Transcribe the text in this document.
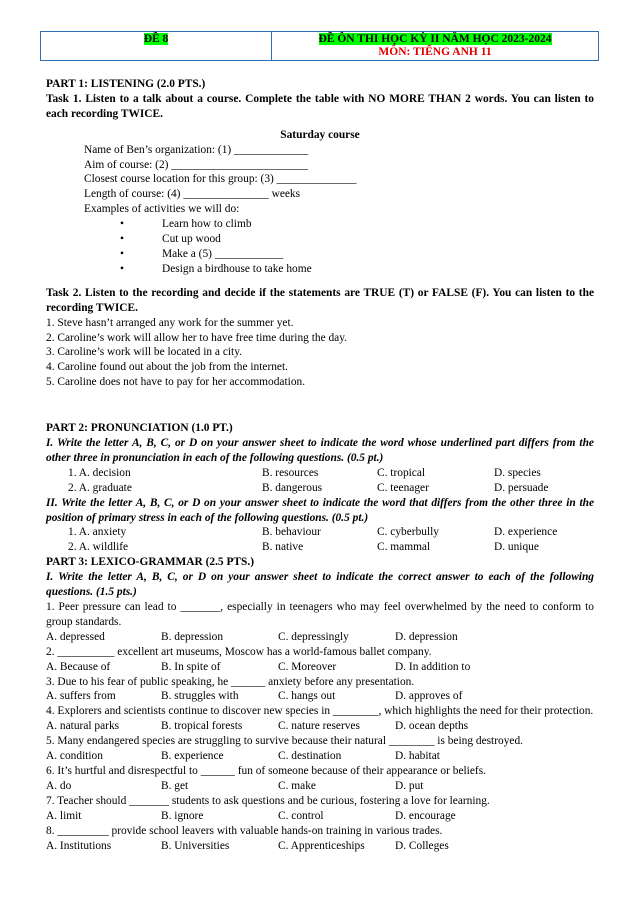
ĐỀ 8	ĐỀ ÔN THI HỌC KỲ II NĂM HỌC 2023-2024
MÔN: TIẾNG ANH 11
PART 1: LISTENING (2.0 PTS.)
Task 1. Listen to a talk about a course. Complete the table with NO MORE THAN 2 words. You can listen to each recording TWICE.
Saturday course
Name of Ben’s organization: (1) _____________
Aim of course: (2) ________________________
Closest course location for this group: (3) ______________
Length of course: (4) _______________ weeks
Examples of activities we will do:
• Learn how to climb
• Cut up wood
• Make a (5) ____________
• Design a birdhouse to take home
Task 2. Listen to the recording and decide if the statements are TRUE (T) or FALSE (F). You can listen to the recording TWICE.
1. Steve hasn’t arranged any work for the summer yet.
2. Caroline’s work will allow her to have free time during the day.
3. Caroline’s work will be located in a city.
4. Caroline found out about the job from the internet.
5. Caroline does not have to pay for her accommodation.
PART 2: PRONUNCIATION (1.0 PT.)
I. Write the letter A, B, C, or D on your answer sheet to indicate the word whose underlined part differs from the other three in pronunciation in each of the following questions. (0.5 pt.)
1. A. decision	B. resources	C. tropical	D. species
2. A. graduate	B. dangerous	C. teenager	D. persuade
II. Write the letter A, B, C, or D on your answer sheet to indicate the word that differs from the other three in the position of primary stress in each of the following questions. (0.5 pt.)
1. A. anxiety	B. behaviour	C. cyberbully	D. experience
2. A. wildlife	B. native	C. mammal	D. unique
PART 3: LEXICO-GRAMMAR (2.5 PTS.)
I. Write the letter A, B, C, or D on your answer sheet to indicate the correct answer to each of the following questions. (1.5 pts.)
1. Peer pressure can lead to _______, especially in teenagers who may feel overwhelmed by the need to conform to group standards.
A. depressed	B. depression	C. depressingly	D. depression
2. __________ excellent art museums, Moscow has a world-famous ballet company.
A. Because of	B. In spite of	C. Moreover	D. In addition to
3. Due to his fear of public speaking, he ______ anxiety before any presentation.
A. suffers from	B. struggles with	C. hangs out	D. approves of
4. Explorers and scientists continue to discover new species in ________, which highlights the need for their protection.
A. natural parks	B. tropical forests	C. nature reserves	D. ocean depths
5. Many endangered species are struggling to survive because their natural ________ is being destroyed.
A. condition	B. experience	C. destination	D. habitat
6. It’s hurtful and disrespectful to ______ fun of someone because of their appearance or beliefs.
A. do	B. get	C. make	D. put
7. Teacher should _______ students to ask questions and be curious, fostering a love for learning.
A. limit	B. ignore	C. control	D. encourage
8. _________ provide school leavers with valuable hands-on training in various trades.
A. Institutions	B. Universities	C. Apprenticeships	D. Colleges
